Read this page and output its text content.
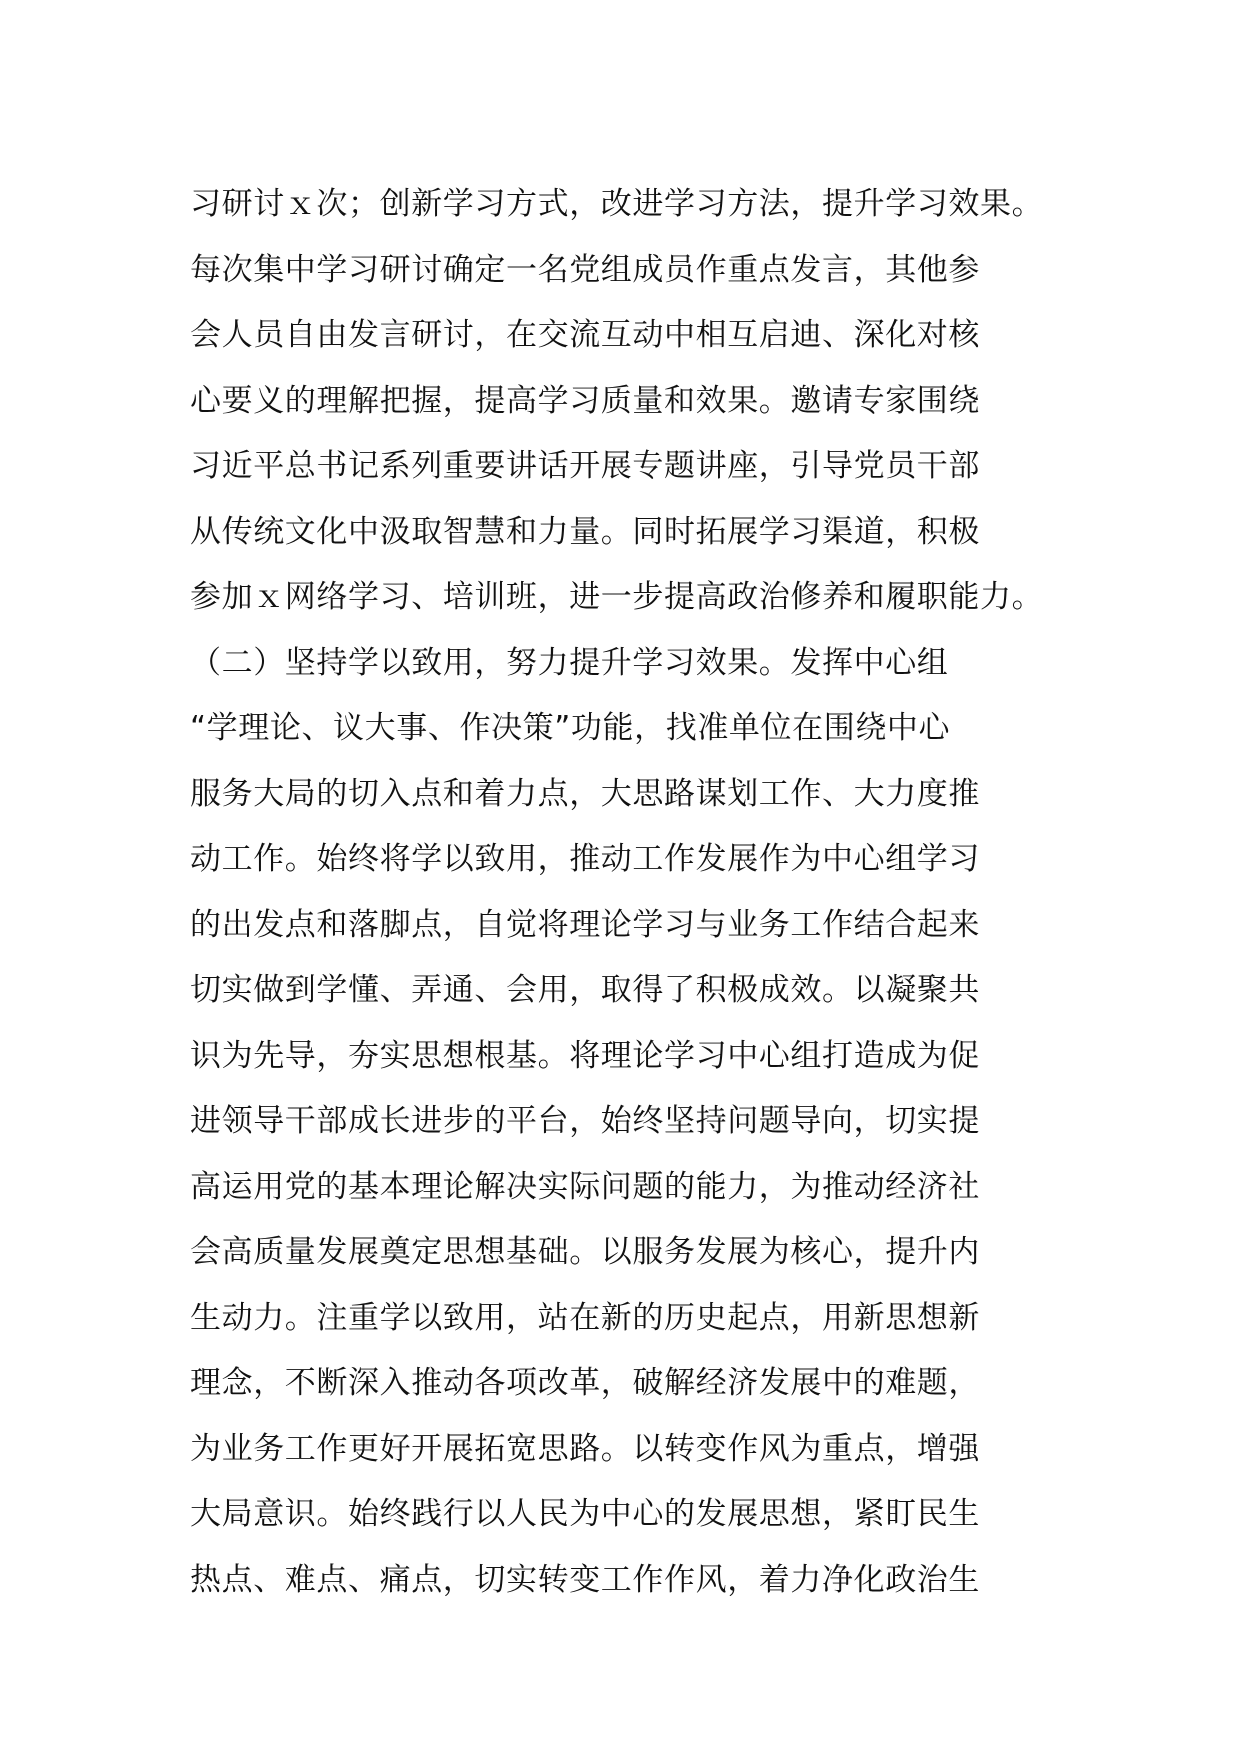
习研讨ｘ次；创新学习方式，改进学习方法，提升学习效果。
每次集中学习研讨确定一名党组成员作重点发言，其他参
会人员自由发言研讨，在交流互动中相互启迪、深化对核
心要义的理解把握，提高学习质量和效果。邀请专家围绕
习近平总书记系列重要讲话开展专题讲座，引导党员干部
从传统文化中汲取智慧和力量。同时拓展学习渠道，积极
参加ｘ网络学习、培训班，进一步提高政治修养和履职能力。
（二）坚持学以致用，努力提升学习效果。发挥中心组
“学理论、议大事、作决策”功能，找准单位在围绕中心
服务大局的切入点和着力点，大思路谋划工作、大力度推
动工作。始终将学以致用，推动工作发展作为中心组学习
的出发点和落脚点，自觉将理论学习与业务工作结合起来
切实做到学懂、弄通、会用，取得了积极成效。以凝聚共
识为先导，夯实思想根基。将理论学习中心组打造成为促
进领导干部成长进步的平台，始终坚持问题导向，切实提
高运用党的基本理论解决实际问题的能力，为推动经济社
会高质量发展奠定思想基础。以服务发展为核心，提升内
生动力。注重学以致用，站在新的历史起点，用新思想新
理念，不断深入推动各项改革，破解经济发展中的难题，
为业务工作更好开展拓宽思路。以转变作风为重点，增强
大局意识。始终践行以人民为中心的发展思想，紧盯民生
热点、难点、痛点，切实转变工作作风，着力净化政治生
